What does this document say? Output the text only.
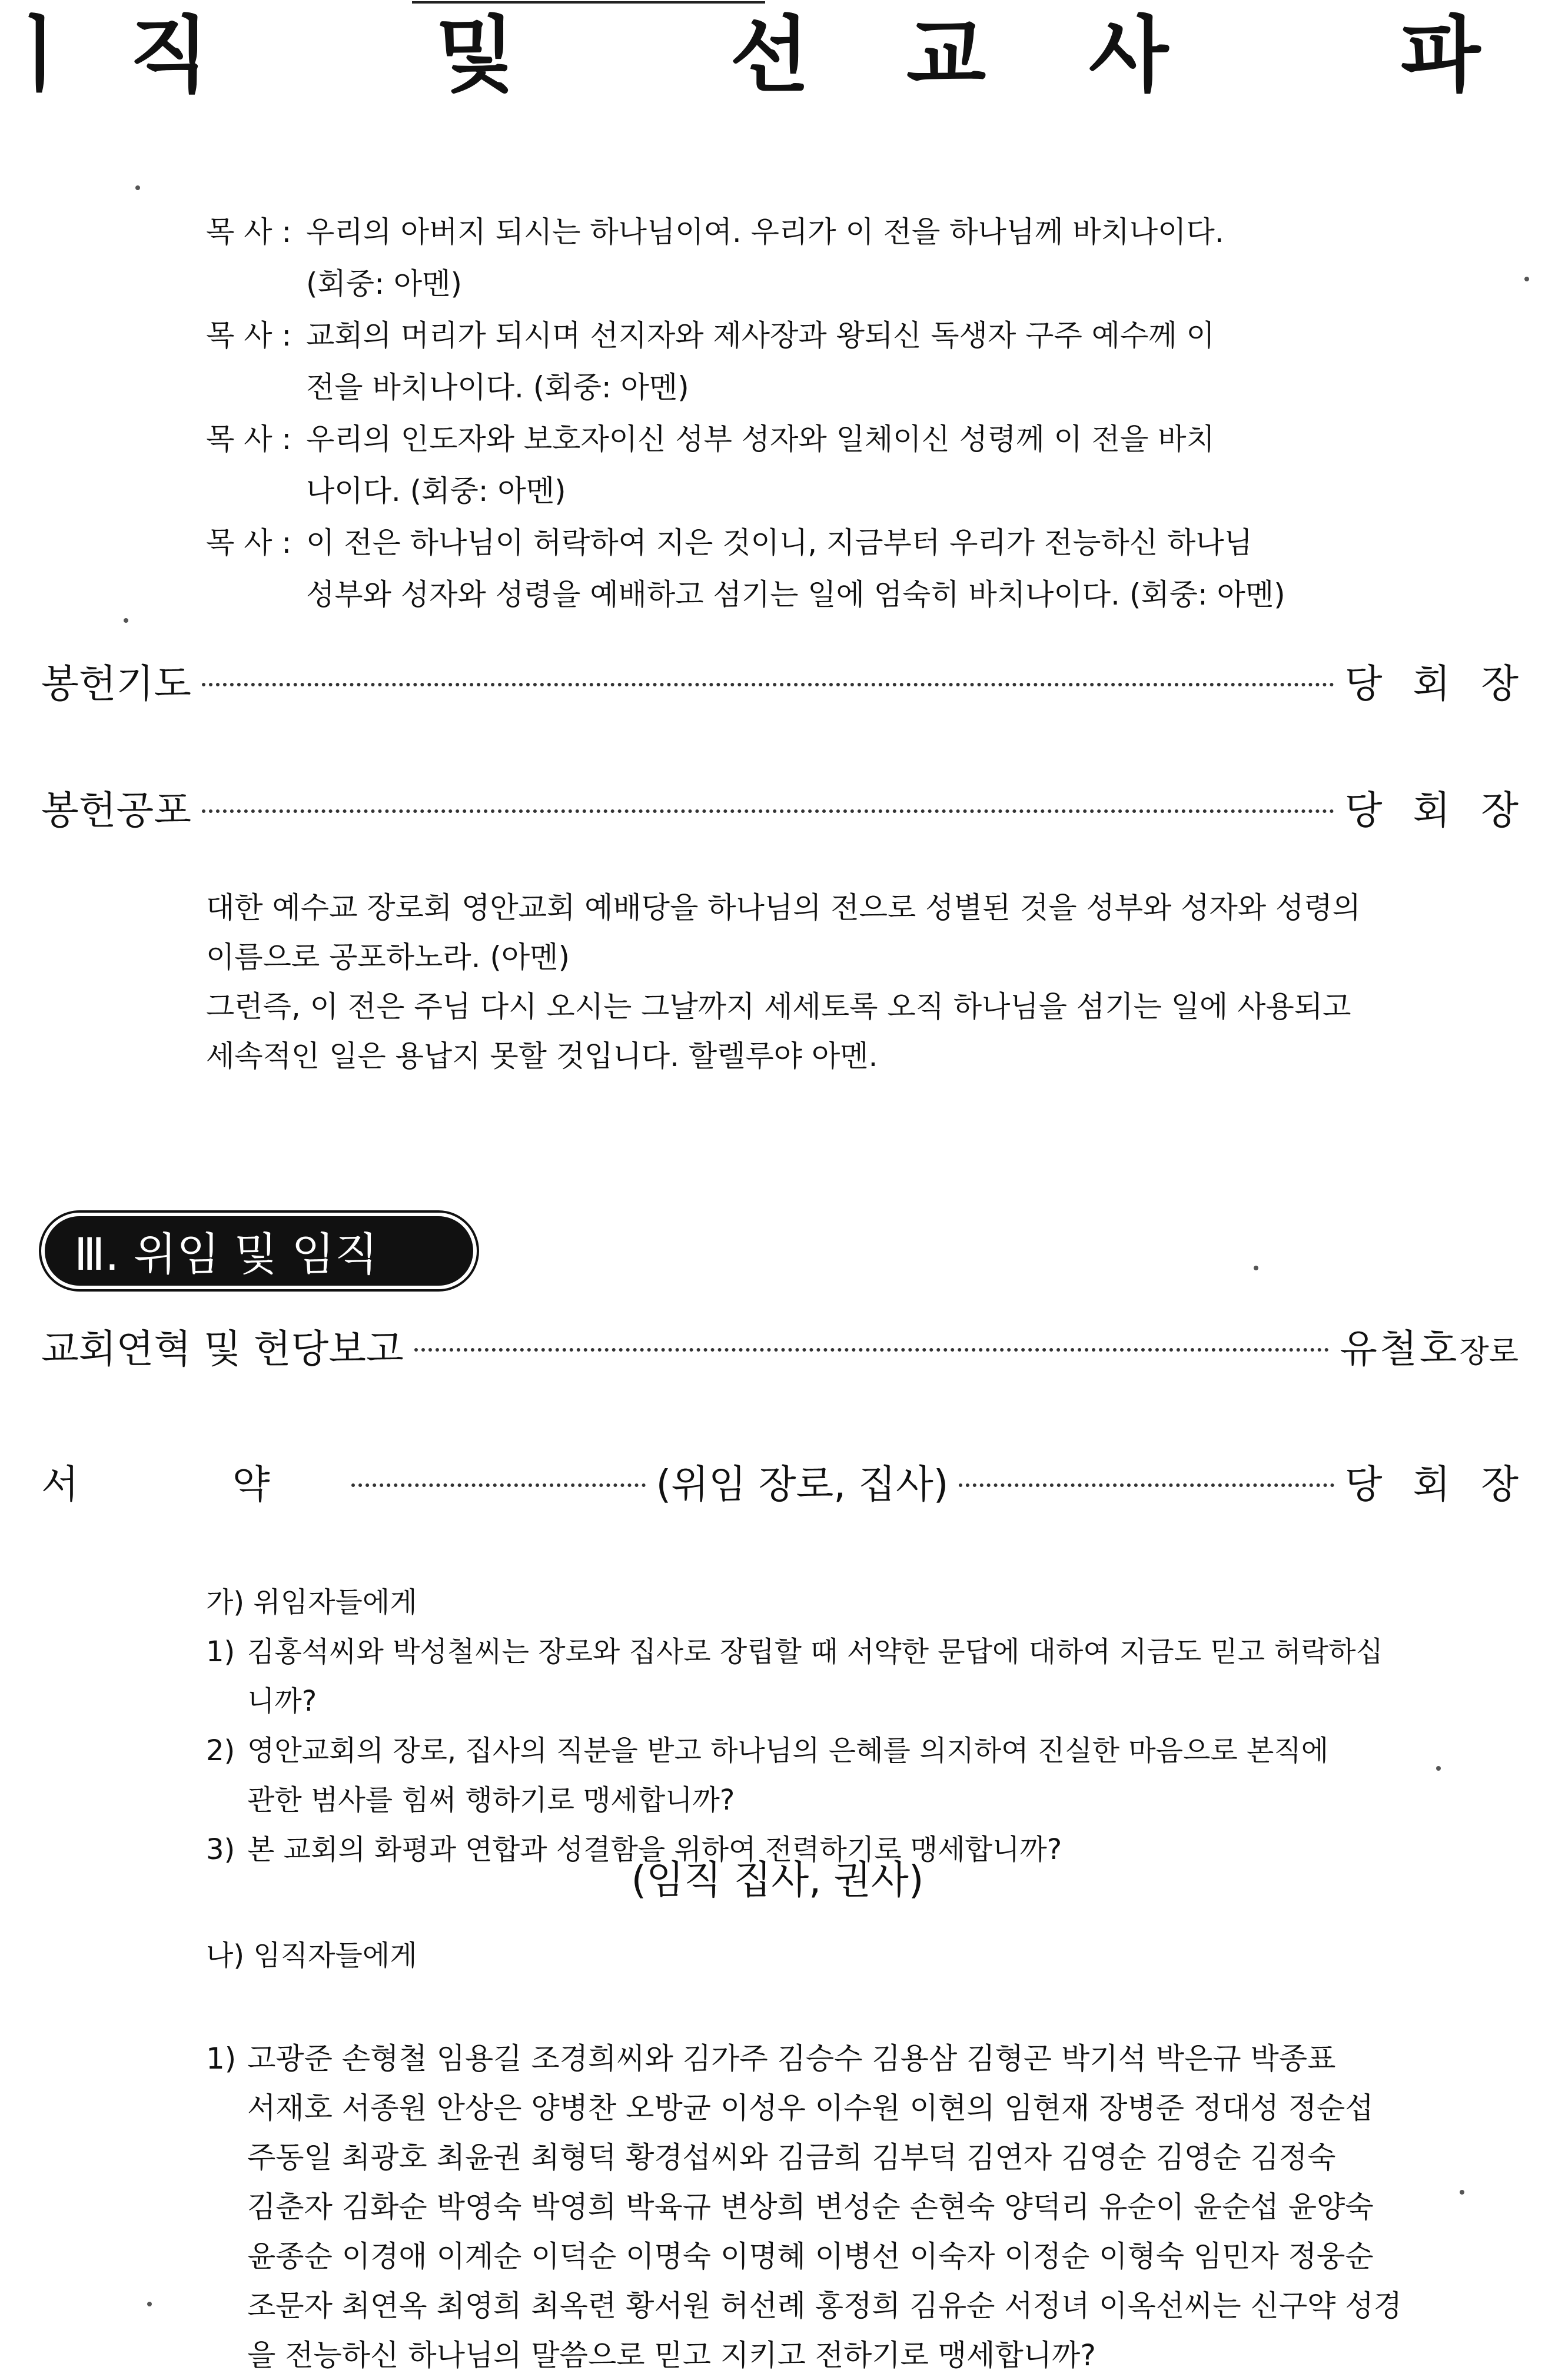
ㅣ 직	및	선 교 사	파
목 사 : 우리의 아버지 되시는 하나님이여. 우리가 이 전을 하나님께 바치나이다.
(회중: 아멘)
목 사 : 교회의 머리가 되시며 선지자와 제사장과 왕되신 독생자 구주 예수께 이
전을 바치나이다. (회중: 아멘)
목 사 : 우리의 인도자와 보호자이신 성부 성자와 일체이신 성령께 이 전을 바치
나이다. (회중: 아멘)
목 사 : 이 전은 하나님이 허락하여 지은 것이니, 지금부터 우리가 전능하신 하나님
성부와 성자와 성령을 예배하고 섬기는 일에 엄숙히 바치나이다. (회중: 아멘)
봉헌기도	당회장
봉헌공포	당회장

대한 예수교 장로회 영안교회 예배당을 하나님의 전으로 성별된 것을 성부와 성자와 성령의

이름으로 공포하노라. (아멘)

그런즉, 이 전은 주님 다시 오시는 그날까지 세세토록 오직 하나님을 섬기는 일에 사용되고

세속적인 일은 용납지 못할 것입니다. 할렐루야 아멘.

Ⅲ. 위임 및 임직
교회연혁 및 헌당보고	유철호장로
서 약	(위임 장로, 집사)	당회장

가) 위임자들에게

1) 김홍석씨와 박성철씨는 장로와 집사로 장립할 때 서약한 문답에 대하여 지금도 믿고 허락하십니까?
2) 영안교회의 장로, 집사의 직분을 받고 하나님의 은혜를 의지하여 진실한 마음으로 본직에
관한 범사를 힘써 행하기로 맹세합니까?
3) 본 교회의 화평과 연합과 성결함을 위하여 전력하기로 맹세합니까?
(임직 집사, 권사)

나) 임직자들에게

1) 고광준 손형철 임용길 조경희씨와 김가주 김승수 김용삼 김형곤 박기석 박은규 박종표
서재호 서종원 안상은 양병찬 오방균 이성우 이수원 이현의 임현재 장병준 정대성 정순섭
주동일 최광호 최윤권 최형덕 황경섭씨와 김금희 김부덕 김연자 김영순 김영순 김정숙
김춘자 김화순 박영숙 박영희 박육규 변상희 변성순 손현숙 양덕리 유순이 윤순섭 윤양숙
윤종순 이경애 이계순 이덕순 이명숙 이명혜 이병선 이숙자 이정순 이형숙 임민자 정웅순
조문자 최연옥 최영희 최옥련 황서원 허선례 홍정희 김유순 서정녀 이옥선씨는 신구약 성경
을 전능하신 하나님의 말씀으로 믿고 지키고 전하기로 맹세합니까?
